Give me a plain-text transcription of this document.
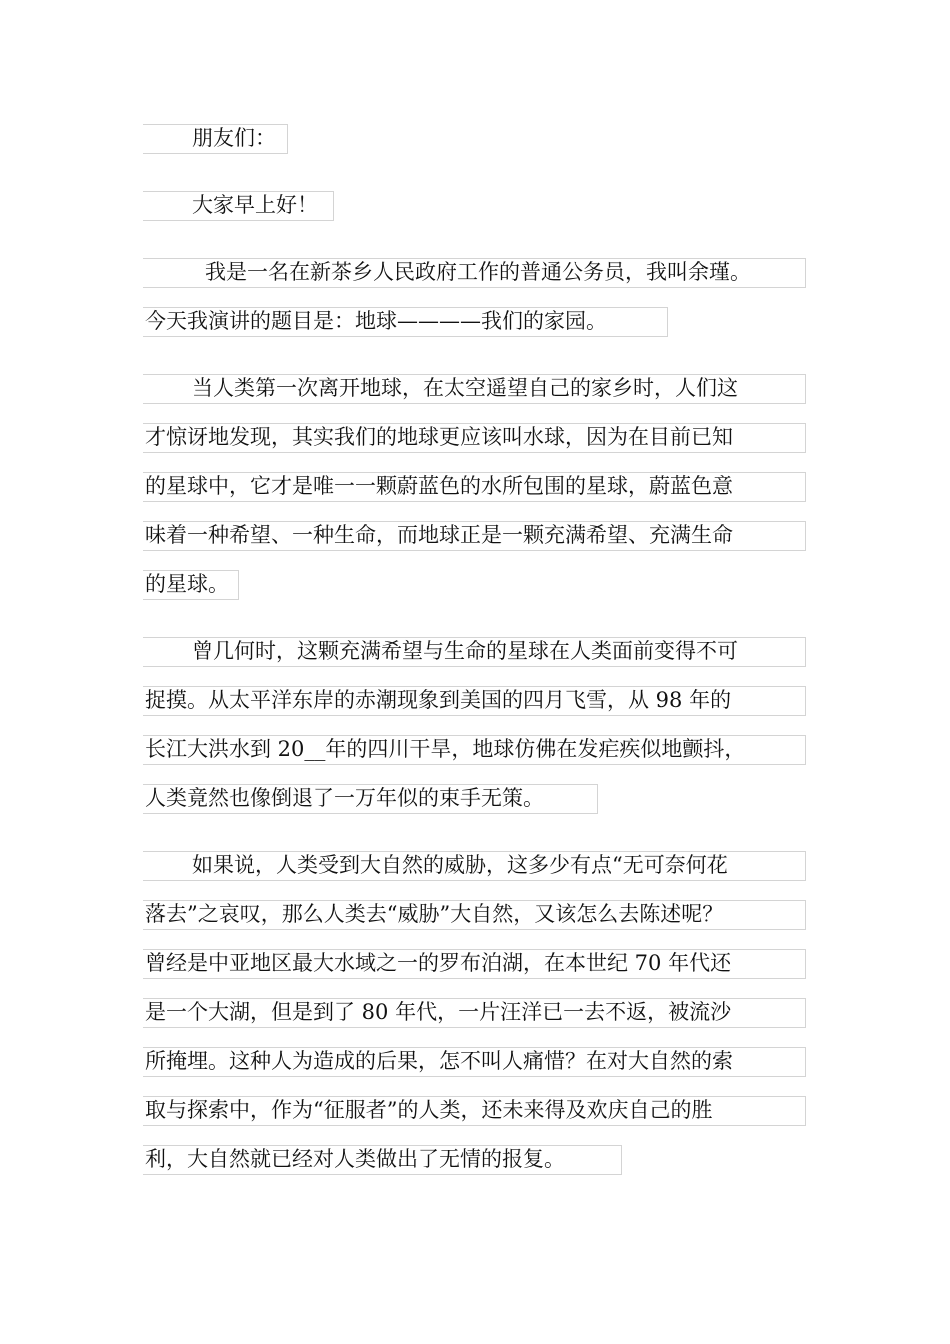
朋友们：
大家早上好！
我是一名在新茶乡人民政府工作的普通公务员，我叫余瑾。
今天我演讲的题目是：地球————我们的家园。
当人类第一次离开地球，在太空遥望自己的家乡时，人们这
才惊讶地发现，其实我们的地球更应该叫水球，因为在目前已知
的星球中，它才是唯一一颗蔚蓝色的水所包围的星球，蔚蓝色意
味着一种希望、一种生命，而地球正是一颗充满希望、充满生命
的星球。
曾几何时，这颗充满希望与生命的星球在人类面前变得不可
捉摸。从太平洋东岸的赤潮现象到美国的四月飞雪，从 98 年的
长江大洪水到 20__年的四川干旱，地球仿佛在发疟疾似地颤抖，
人类竟然也像倒退了一万年似的束手无策。
如果说，人类受到大自然的威胁，这多少有点“无可奈何花
落去”之哀叹，那么人类去“威胁”大自然，又该怎么去陈述呢？
曾经是中亚地区最大水域之一的罗布泊湖，在本世纪 70 年代还
是一个大湖，但是到了 80 年代，一片汪洋已一去不返，被流沙
所掩埋。这种人为造成的后果，怎不叫人痛惜？在对大自然的索
取与探索中，作为“征服者”的人类，还未来得及欢庆自己的胜
利，大自然就已经对人类做出了无情的报复。
